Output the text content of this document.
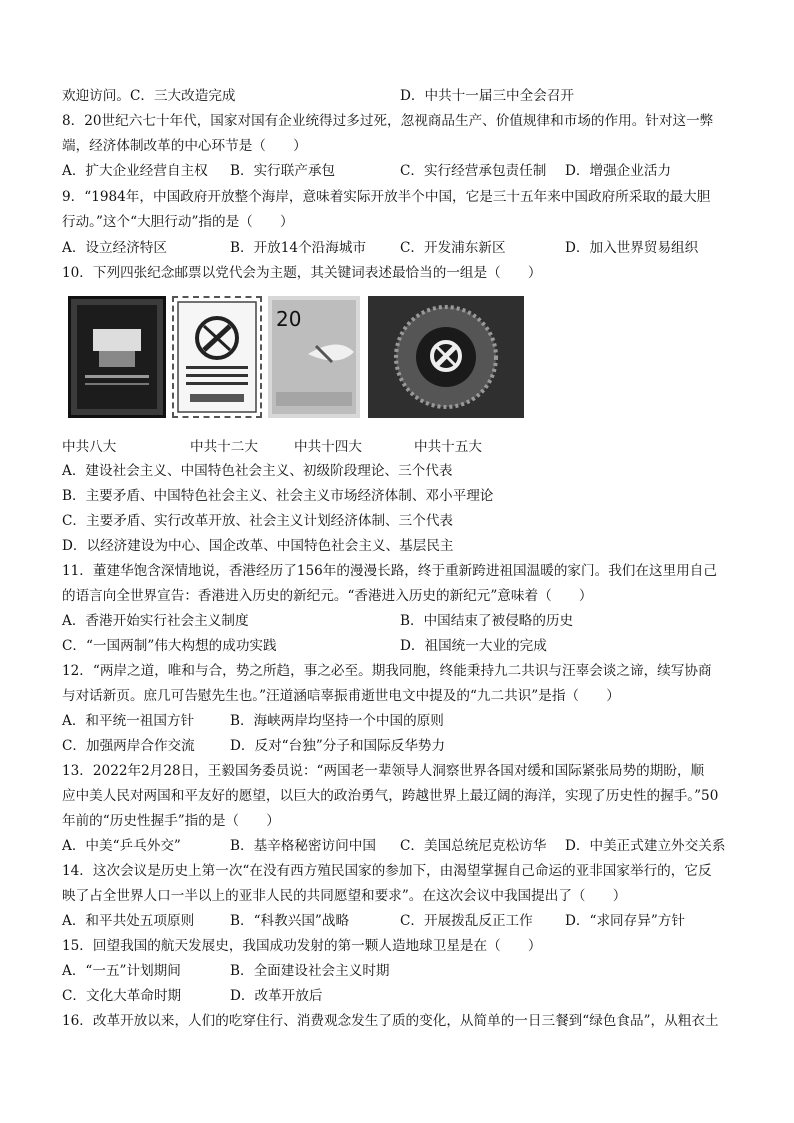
欢迎访问。C．三大改造完成	D．中共十一届三中全会召开
8．20世纪六七十年代，国家对国有企业统得过多过死，忽视商品生产、价值规律和市场的作用。针对这一弊
端，经济体制改革的中心环节是（　　）
A．扩大企业经营自主权 B．实行联产承包	C．实行经营承包责任制 D．增强企业活力
9．“1984年，中国政府开放整个海岸，意味着实际开放半个中国，它是三十五年来中国政府所采取的最大胆
行动。”这个“大胆行动”指的是（　　）
A．设立经济特区	B．开放14个沿海城市 C．开发浦东新区	D．加入世界贸易组织
10．下列四张纪念邮票以党代会为主题，其关键词表述最恰当的一组是（　　）
20
中共八大	中共十二大	中共十四大	中共十五大
A．建设社会主义、中国特色社会主义、初级阶段理论、三个代表
B．主要矛盾、中国特色社会主义、社会主义市场经济体制、邓小平理论
C．主要矛盾、实行改革开放、社会主义计划经济体制、三个代表
D．以经济建设为中心、国企改革、中国特色社会主义、基层民主
11．董建华饱含深情地说，香港经历了156年的漫漫长路，终于重新跨进祖国温暖的家门。我们在这里用自己
的语言向全世界宣告：香港进入历史的新纪元。“香港进入历史的新纪元”意味着（　　）
A．香港开始实行社会主义制度	B．中国结束了被侵略的历史
C．“一国两制”伟大构想的成功实践	D．祖国统一大业的完成
12．“两岸之道，唯和与合，势之所趋，事之必至。期我同胞，终能秉持九二共识与汪辜会谈之谛，续写协商
与对话新页。庶几可告慰先生也。”汪道涵唁辜振甫逝世电文中提及的“九二共识”是指（　　）
A．和平统一祖国方针	B．海峡两岸均坚持一个中国的原则
C．加强两岸合作交流	D．反对“台独”分子和国际反华势力
13．2022年2月28日，王毅国务委员说：“两国老一辈领导人洞察世界各国对缓和国际紧张局势的期盼，顺
应中美人民对两国和平友好的愿望，以巨大的政治勇气，跨越世界上最辽阔的海洋，实现了历史性的握手。”50
年前的“历史性握手”指的是（　　）
A．中美“乒乓外交”	B．基辛格秘密访问中国 C．美国总统尼克松访华 D．中美正式建立外交关系
14．这次会议是历史上第一次“在没有西方殖民国家的参加下，由渴望掌握自己命运的亚非国家举行的，它反
映了占全世界人口一半以上的亚非人民的共同愿望和要求”。在这次会议中我国提出了（　　）
A．和平共处五项原则	B．“科教兴国”战略	C．开展拨乱反正工作 D．“求同存异”方针
15．回望我国的航天发展史，我国成功发射的第一颗人造地球卫星是在（　　）
A．“一五”计划期间	B．全面建设社会主义时期
C．文化大革命时期	D．改革开放后
16．改革开放以来，人们的吃穿住行、消费观念发生了质的变化，从简单的一日三餐到“绿色食品”，从粗衣土
